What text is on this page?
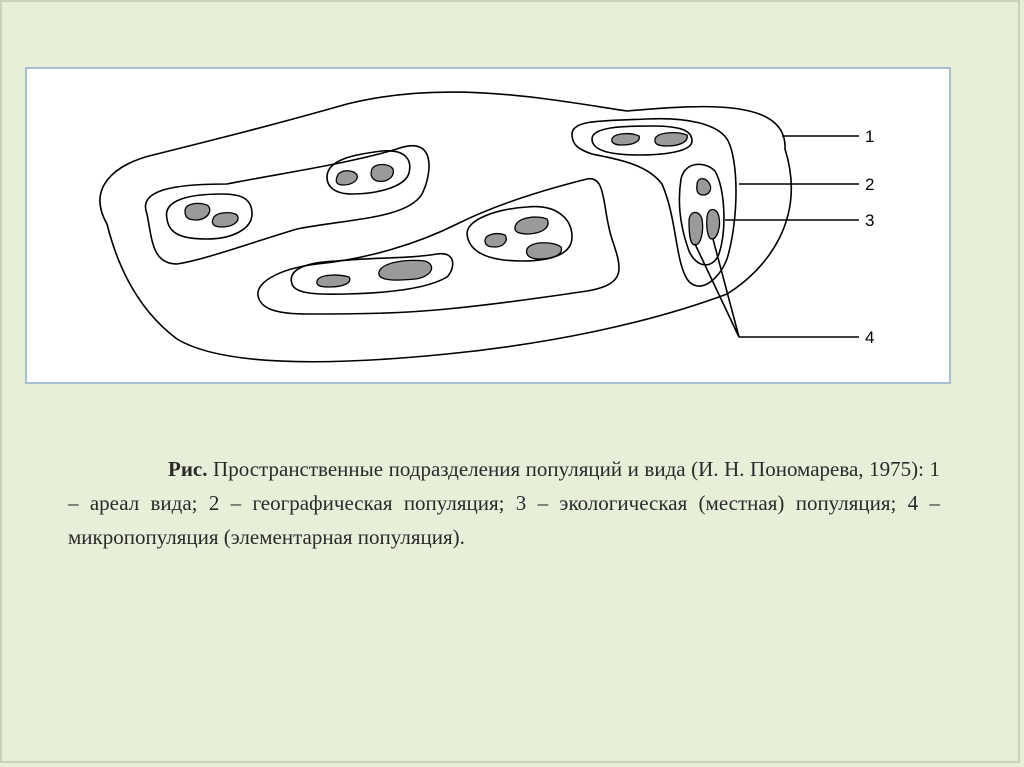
1
2
3
4
Рис. Пространственные подразделения популяций и вида (И. Н. Пономарева, 1975): 1 – ареал вида; 2 – географическая популяция; 3 – экологическая (местная) популяция; 4 – микропопуляция (элементарная популяция).
